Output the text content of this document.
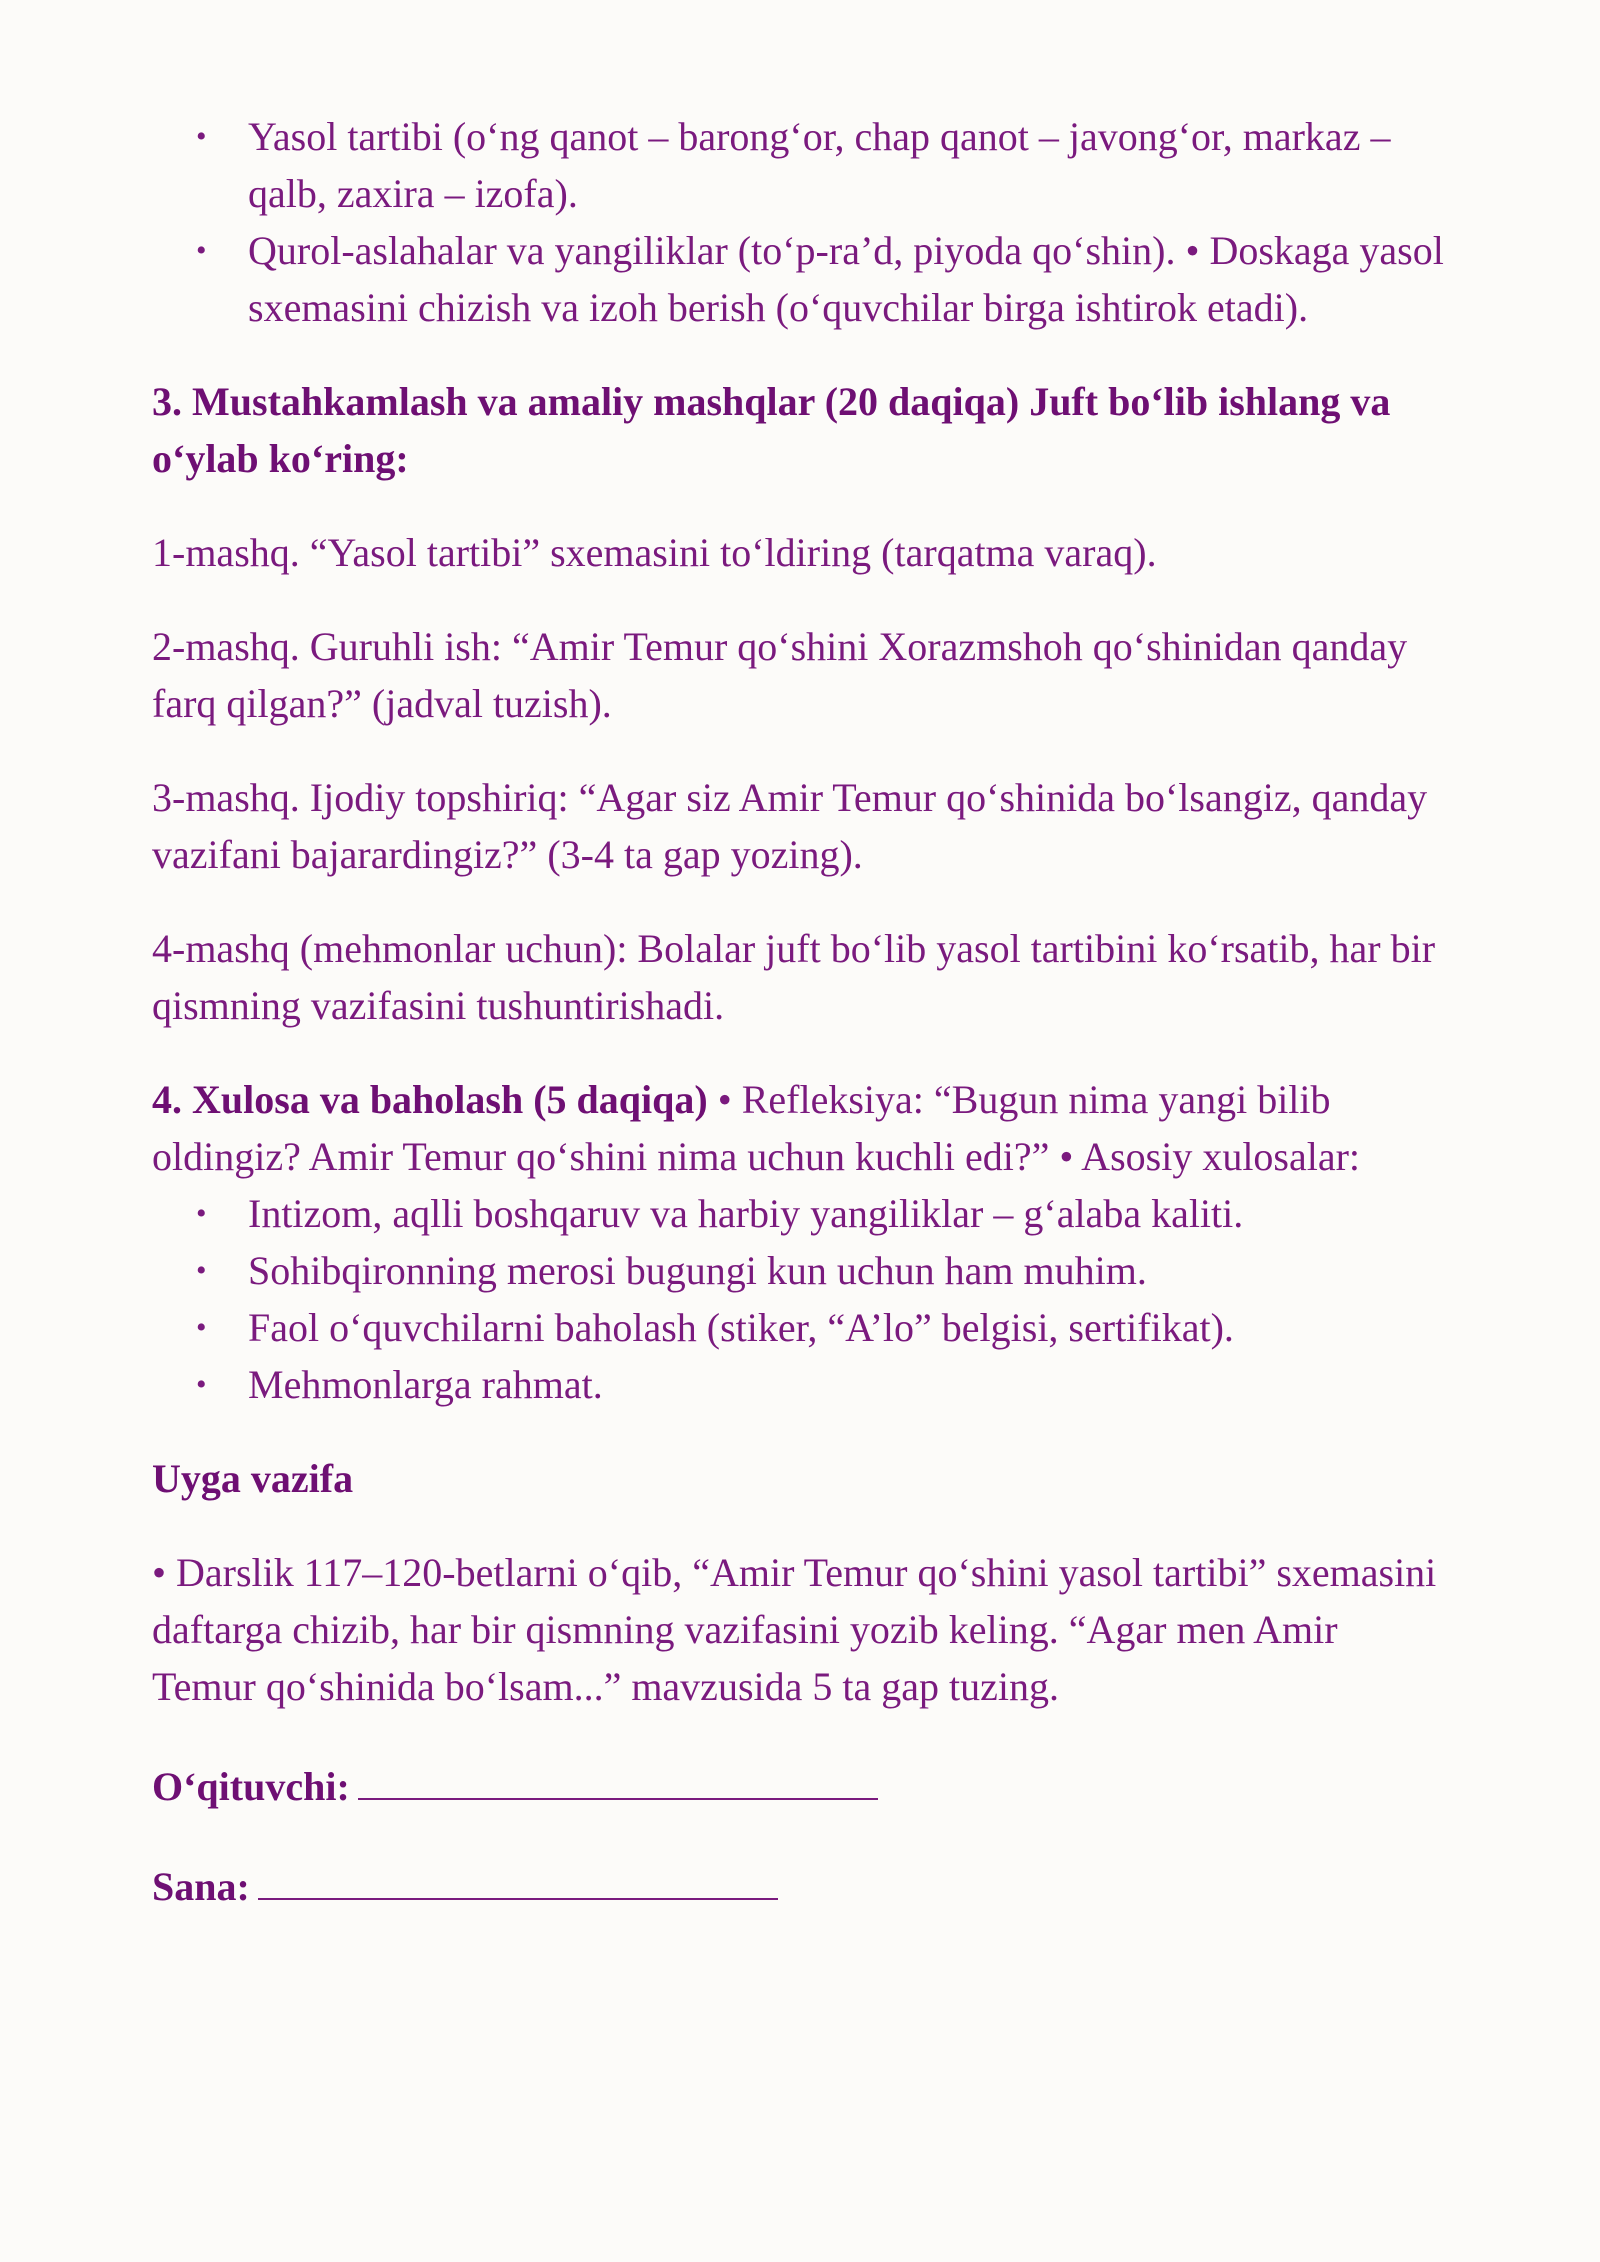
• Yasol tartibi (o‘ng qanot – barong‘or, chap qanot – javong‘or, markaz – qalb, zaxira – izofa).
• Qurol-aslahalar va yangiliklar (to‘p-ra’d, piyoda qo‘shin). • Doskaga yasol sxemasini chizish va izoh berish (o‘quvchilar birga ishtirok etadi).

3. Mustahkamlash va amaliy mashqlar (20 daqiqa) Juft bo‘lib ishlang va o‘ylab ko‘ring:

1-mashq. “Yasol tartibi” sxemasini to‘ldiring (tarqatma varaq).

2-mashq. Guruhli ish: “Amir Temur qo‘shini Xorazmshoh qo‘shinidan qanday farq qilgan?” (jadval tuzish).

3-mashq. Ijodiy topshiriq: “Agar siz Amir Temur qo‘shinida bo‘lsangiz, qanday vazifani bajarardingiz?” (3-4 ta gap yozing).

4-mashq (mehmonlar uchun): Bolalar juft bo‘lib yasol tartibini ko‘rsatib, har bir qismning vazifasini tushuntirishadi.

4. Xulosa va baholash (5 daqiqa) • Refleksiya: “Bugun nima yangi bilib oldingiz? Amir Temur qo‘shini nima uchun kuchli edi?” • Asosiy xulosalar:

• Intizom, aqlli boshqaruv va harbiy yangiliklar – g‘alaba kaliti.
• Sohibqironning merosi bugungi kun uchun ham muhim.
• Faol o‘quvchilarni baholash (stiker, “A’lo” belgisi, sertifikat).
• Mehmonlarga rahmat.

Uyga vazifa

• Darslik 117–120-betlarni o‘qib, “Amir Temur qo‘shini yasol tartibi” sxemasini daftarga chizib, har bir qismning vazifasini yozib keling. “Agar men Amir Temur qo‘shinida bo‘lsam...” mavzusida 5 ta gap tuzing.

O‘qituvchi:

Sana:
